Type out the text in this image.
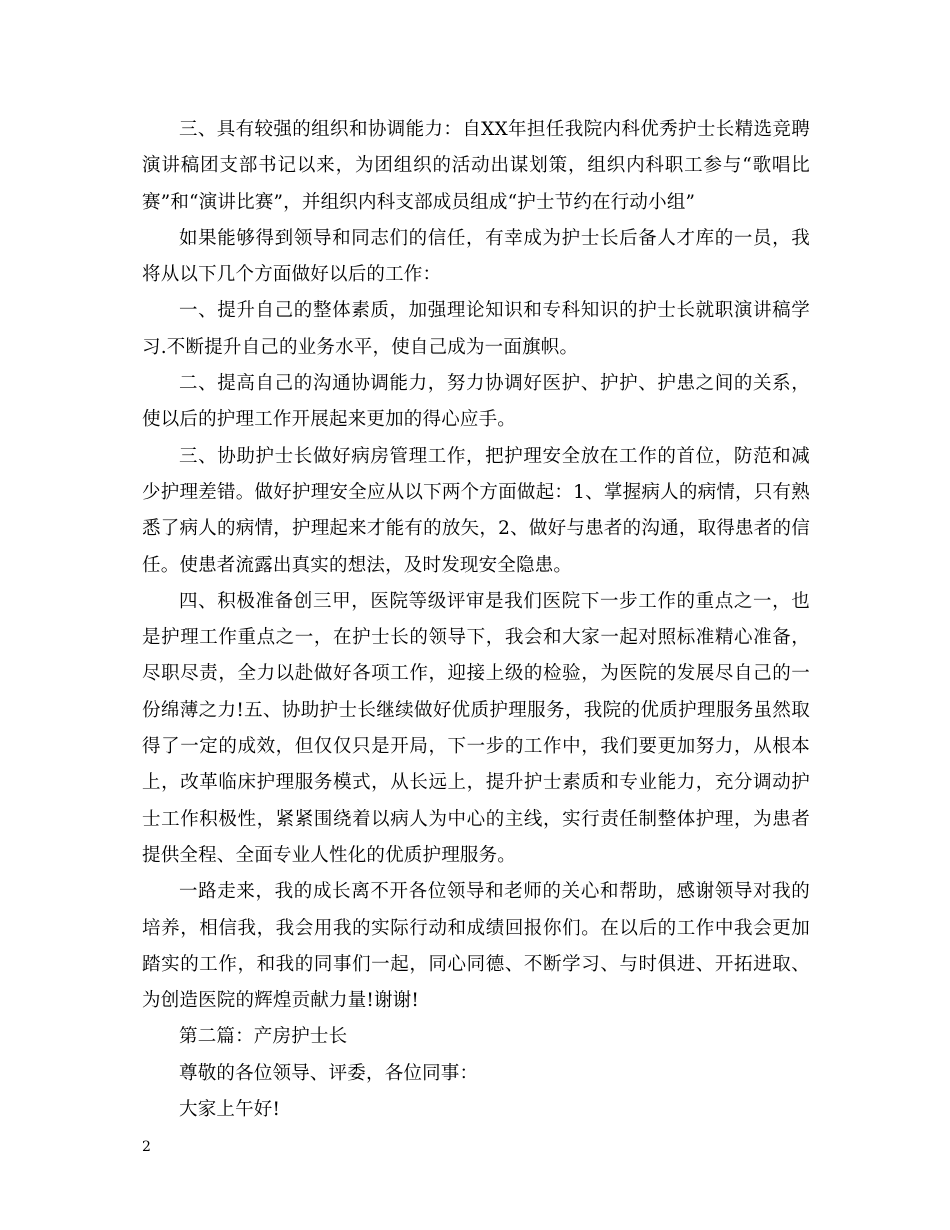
三、具有较强的组织和协调能力：自XX年担任我院内科优秀护士长精选竞聘演讲稿团支部书记以来，为团组织的活动出谋划策，组织内科职工参与“歌唱比赛”和“演讲比赛”，并组织内科支部成员组成“护士节约在行动小组”

如果能够得到领导和同志们的信任，有幸成为护士长后备人才库的一员，我将从以下几个方面做好以后的工作：

一、提升自己的整体素质，加强理论知识和专科知识的护士长就职演讲稿学习.不断提升自己的业务水平，使自己成为一面旗帜。

二、提高自己的沟通协调能力，努力协调好医护、护护、护患之间的关系，使以后的护理工作开展起来更加的得心应手。

三、协助护士长做好病房管理工作，把护理安全放在工作的首位，防范和减少护理差错。做好护理安全应从以下两个方面做起：1、掌握病人的病情，只有熟悉了病人的病情，护理起来才能有的放矢，2、做好与患者的沟通，取得患者的信任。使患者流露出真实的想法，及时发现安全隐患。

四、积极准备创三甲，医院等级评审是我们医院下一步工作的重点之一，也是护理工作重点之一，在护士长的领导下，我会和大家一起对照标准精心准备，尽职尽责，全力以赴做好各项工作，迎接上级的检验，为医院的发展尽自己的一份绵薄之力!五、协助护士长继续做好优质护理服务，我院的优质护理服务虽然取得了一定的成效，但仅仅只是开局，下一步的工作中，我们要更加努力，从根本上，改革临床护理服务模式，从长远上，提升护士素质和专业能力，充分调动护士工作积极性，紧紧围绕着以病人为中心的主线，实行责任制整体护理，为患者提供全程、全面专业人性化的优质护理服务。

一路走来，我的成长离不开各位领导和老师的关心和帮助，感谢领导对我的培养，相信我，我会用我的实际行动和成绩回报你们。在以后的工作中我会更加踏实的工作，和我的同事们一起，同心同德、不断学习、与时俱进、开拓进取、为创造医院的辉煌贡献力量!谢谢!

第二篇：产房护士长

尊敬的各位领导、评委，各位同事：

大家上午好!

2
